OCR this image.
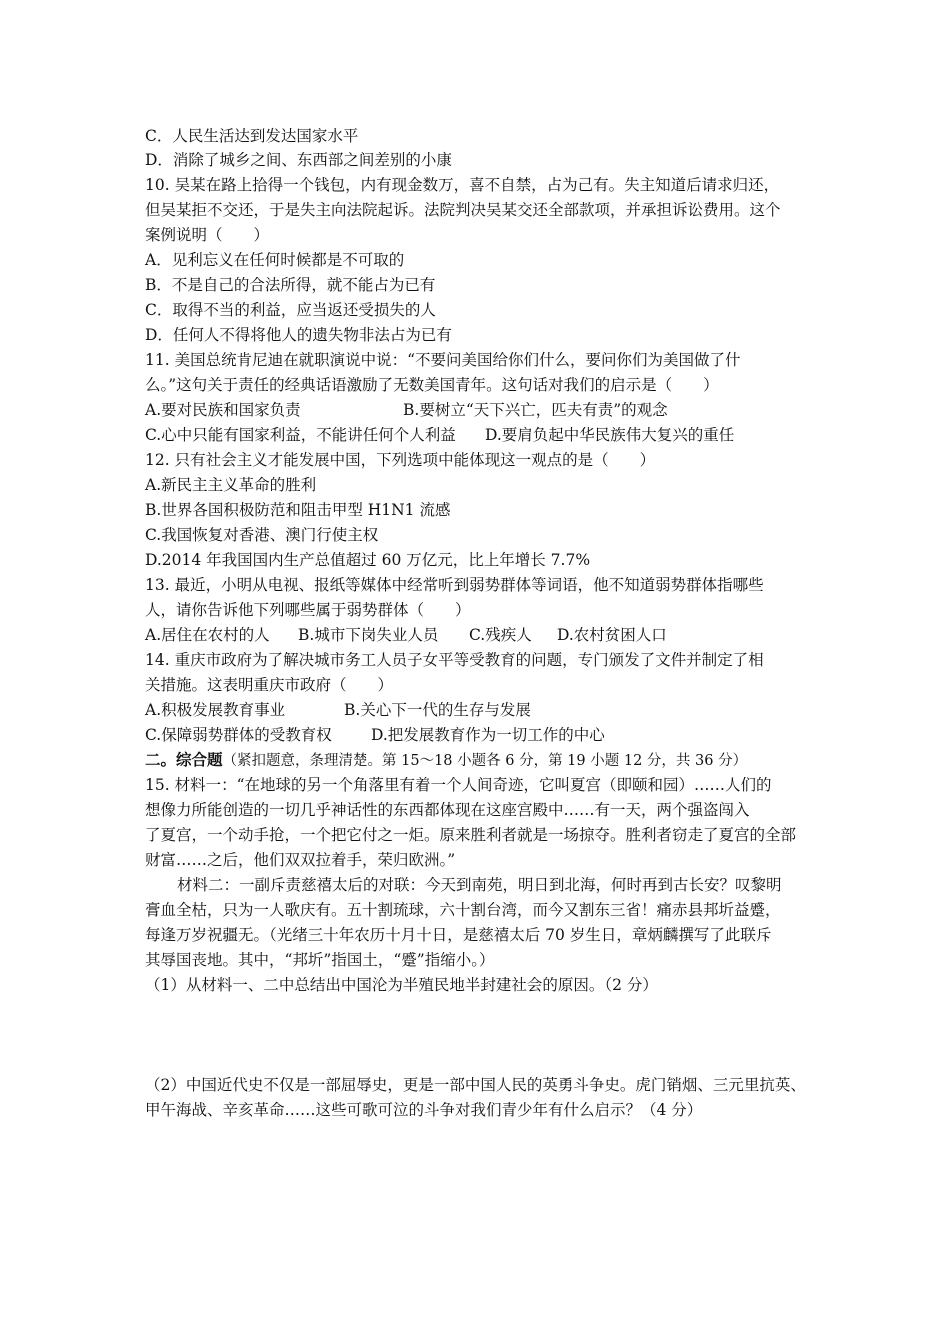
C．人民生活达到发达国家水平
D．消除了城乡之间、东西部之间差别的小康
10. 吴某在路上拾得一个钱包，内有现金数万，喜不自禁，占为己有。失主知道后请求归还，
但吴某拒不交还，于是失主向法院起诉。法院判决吴某交还全部款项，并承担诉讼费用。这个
案例说明（　　）
A．见利忘义在任何时候都是不可取的
B．不是自己的合法所得，就不能占为已有
C．取得不当的利益，应当返还受损失的人
D．任何人不得将他人的遗失物非法占为已有
11. 美国总统肯尼迪在就职演说中说：“不要问美国给你们什么，要问你们为美国做了什
么。”这句关于责任的经典话语激励了无数美国青年。这句话对我们的启示是（　　）
A.要对民族和国家负责	B.要树立“天下兴亡，匹夫有责”的观念
C.心中只能有国家利益，不能讲任何个人利益 D.要肩负起中华民族伟大复兴的重任
12. 只有社会主义才能发展中国，下列选项中能体现这一观点的是（　　）
A.新民主主义革命的胜利
B.世界各国积极防范和阻击甲型 H1N1 流感
C.我国恢复对香港、澳门行使主权
D.2014 年我国国内生产总值超过 60 万亿元，比上年增长 7.7%
13. 最近，小明从电视、报纸等媒体中经常听到弱势群体等词语，他不知道弱势群体指哪些
人，请你告诉他下列哪些属于弱势群体（　　）
A.居住在农村的人 B.城市下岗失业人员 C.残疾人 D.农村贫困人口
14. 重庆市政府为了解决城市务工人员子女平等受教育的问题，专门颁发了文件并制定了相
关措施。这表明重庆市政府（　　）
A.积极发展教育事业	B.关心下一代的生存与发展
C.保障弱势群体的受教育权	D.把发展教育作为一切工作的中心
二。综合题（紧扣题意，条理清楚。第 15～18 小题各 6 分，第 19 小题 12 分，共 36 分）
15. 材料一：“在地球的另一个角落里有着一个人间奇迹，它叫夏宫（即颐和园）……人们的
想像力所能创造的一切几乎神话性的东西都体现在这座宫殿中……有一天，两个强盗闯入
了夏宫，一个动手抢，一个把它付之一炬。原来胜利者就是一场掠夺。胜利者窃走了夏宫的全部
财富……之后，他们双双拉着手，荣归欧洲。”
材料二：一副斥责慈禧太后的对联：今天到南苑，明日到北海，何时再到古长安？叹黎明
膏血全枯，只为一人歌庆有。五十割琉球，六十割台湾，而今又割东三省！痛赤县邦圻益蹙，
每逢万岁祝疆无。（光绪三十年农历十月十日，是慈禧太后 70 岁生日，章炳麟撰写了此联斥
其辱国丧地。其中，“邦圻”指国土，“蹙”指缩小。）
（1）从材料一、二中总结出中国沦为半殖民地半封建社会的原因。（2 分）
（2）中国近代史不仅是一部屈辱史，更是一部中国人民的英勇斗争史。虎门销烟、三元里抗英、
甲午海战、辛亥革命……这些可歌可泣的斗争对我们青少年有什么启示？（4 分）
